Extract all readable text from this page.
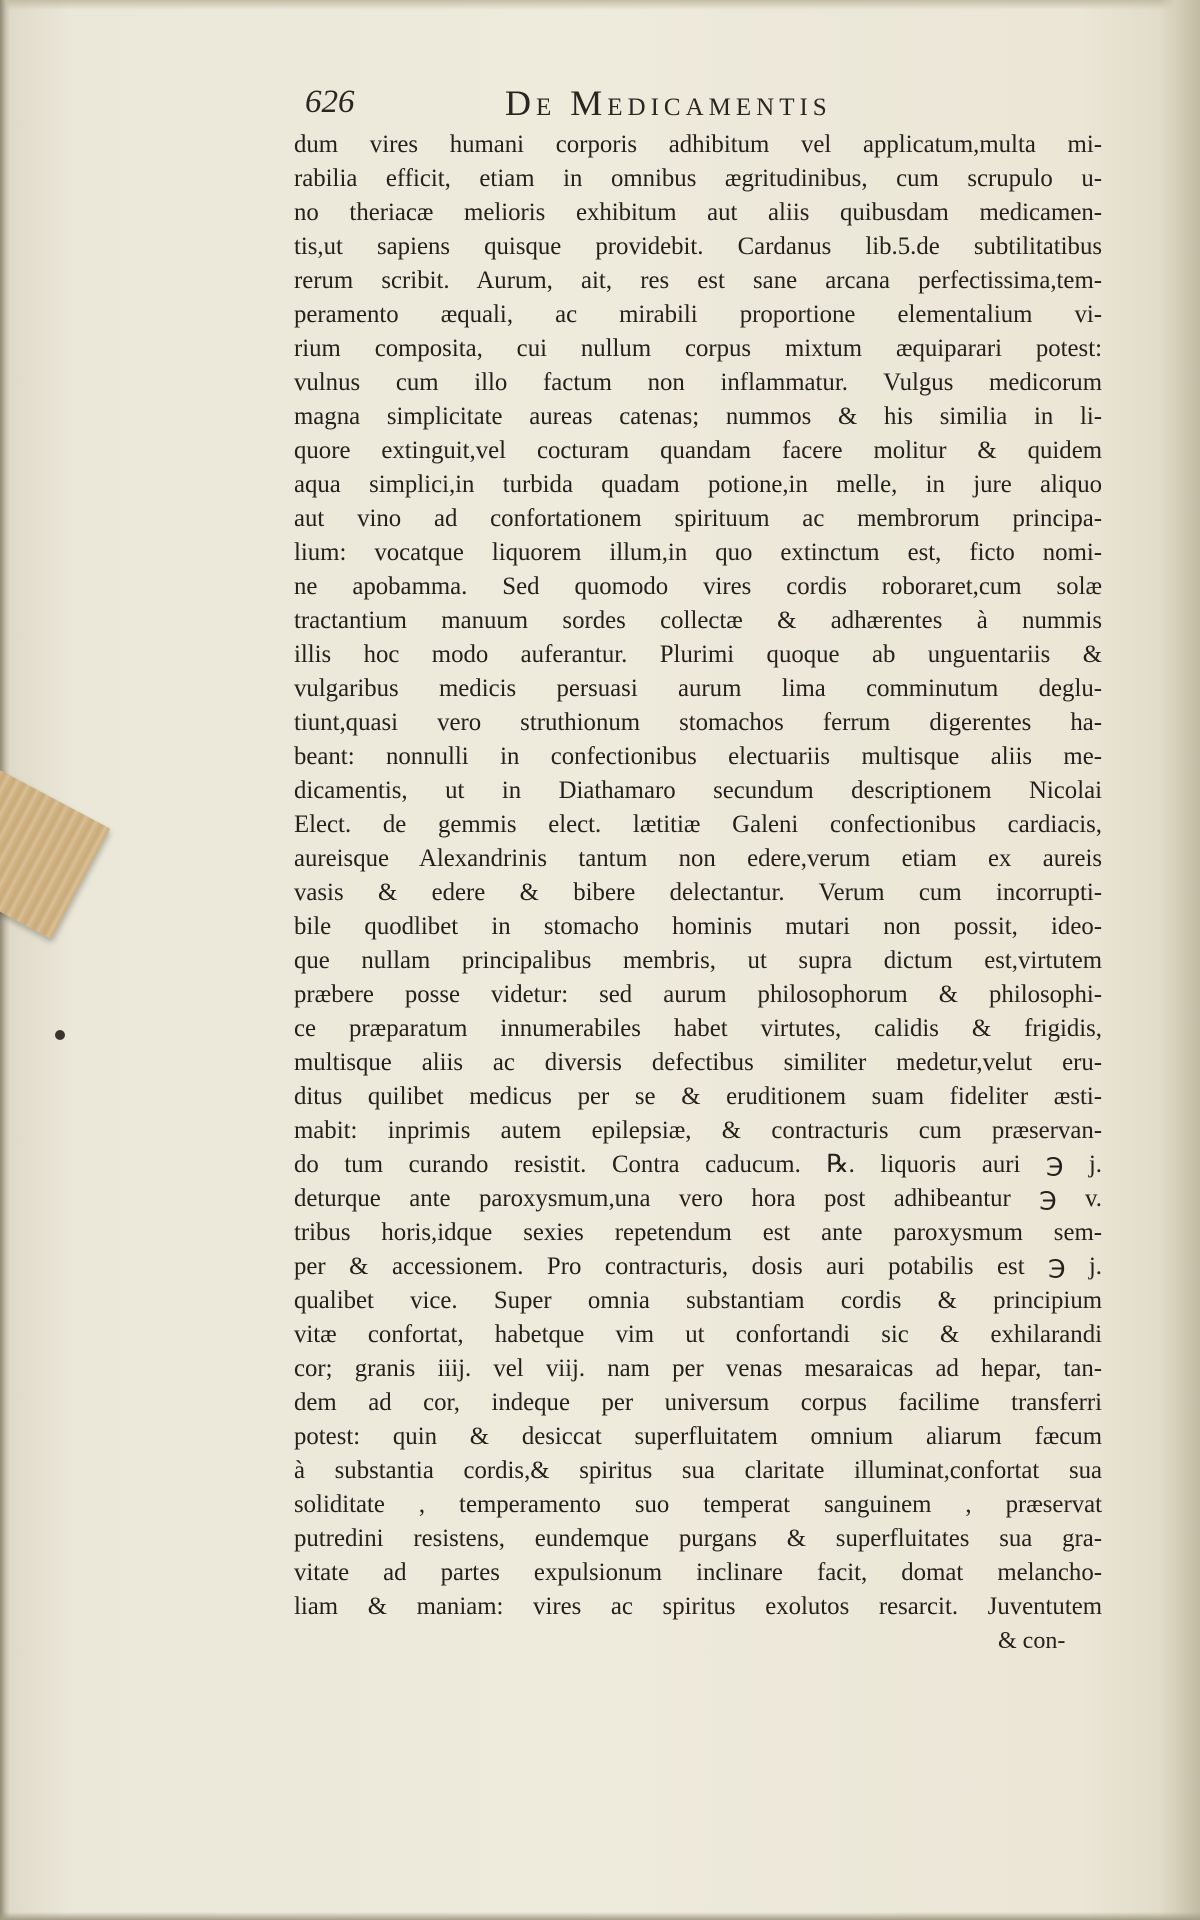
626	De Medicamentis
dum vires humani corporis adhibitum vel applicatum,multa mi-
rabilia efficit, etiam in omnibus ægritudinibus, cum scrupulo u-
no theriacæ melioris exhibitum aut aliis quibusdam medicamen-
tis,ut sapiens quisque providebit. Cardanus lib.5.de subtilitatibus
rerum scribit. Aurum, ait, res est sane arcana perfectissima,tem-
peramento æquali, ac mirabili proportione elementalium vi-
rium composita, cui nullum corpus mixtum æquiparari potest:
vulnus cum illo factum non inflammatur. Vulgus medicorum
magna simplicitate aureas catenas; nummos & his similia in li-
quore extinguit,vel cocturam quandam facere molitur & quidem
aqua simplici,in turbida quadam potione,in melle, in jure aliquo
aut vino ad confortationem spirituum ac membrorum principa-
lium: vocatque liquorem illum,in quo extinctum est, ficto nomi-
ne apobamma. Sed quomodo vires cordis roboraret,cum solæ
tractantium manuum sordes collectæ & adhærentes à nummis
illis hoc modo auferantur. Plurimi quoque ab unguentariis &
vulgaribus medicis persuasi aurum lima comminutum deglu-
tiunt,quasi vero struthionum stomachos ferrum digerentes ha-
beant: nonnulli in confectionibus electuariis multisque aliis me-
dicamentis, ut in Diathamaro secundum descriptionem Nicolai
Elect. de gemmis elect. lætitiæ Galeni confectionibus cardiacis,
aureisque Alexandrinis tantum non edere,verum etiam ex aureis
vasis & edere & bibere delectantur. Verum cum incorrupti-
bile quodlibet in stomacho hominis mutari non possit, ideo-
que nullam principalibus membris, ut supra dictum est,virtutem
præbere posse videtur: sed aurum philosophorum & philosophi-
ce præparatum innumerabiles habet virtutes, calidis & frigidis,
multisque aliis ac diversis defectibus similiter medetur,velut eru-
ditus quilibet medicus per se & eruditionem suam fideliter æsti-
mabit: inprimis autem epilepsiæ, & contracturis cum præservan-
do tum curando resistit. Contra caducum. ℞. liquoris auri ℈ j.
deturque ante paroxysmum,una vero hora post adhibeantur ℈ v.
tribus horis,idque sexies repetendum est ante paroxysmum sem-
per & accessionem. Pro contracturis, dosis auri potabilis est ℈ j.
qualibet vice. Super omnia substantiam cordis & principium
vitæ confortat, habetque vim ut confortandi sic & exhilarandi
cor; granis iiij. vel viij. nam per venas mesaraicas ad hepar, tan-
dem ad cor, indeque per universum corpus facilime transferri
potest: quin & desiccat superfluitatem omnium aliarum fæcum
à substantia cordis,& spiritus sua claritate illuminat,confortat sua
soliditate , temperamento suo temperat sanguinem , præservat
putredini resistens, eundemque purgans & superfluitates sua gra-
vitate ad partes expulsionum inclinare facit, domat melancho-
liam & maniam: vires ac spiritus exolutos resarcit. Juventutem
& con-
